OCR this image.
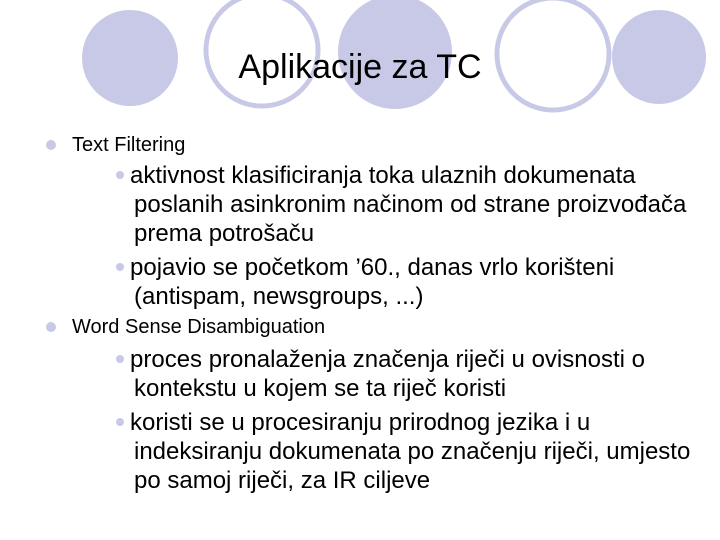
Aplikacije za TC
Text Filtering
aktivnost klasificiranja toka ulaznih dokumenata poslanih asinkronim načinom od strane proizvođača prema potrošaču
pojavio se početkom ’60., danas vrlo korišteni (antispam, newsgroups, ...)
Word Sense Disambiguation
proces pronalaženja značenja riječi u ovisnosti o kontekstu u kojem se ta riječ koristi
koristi se u procesiranju prirodnog jezika i u indeksiranju dokumenata po značenju riječi, umjesto po samoj riječi, za IR ciljeve
